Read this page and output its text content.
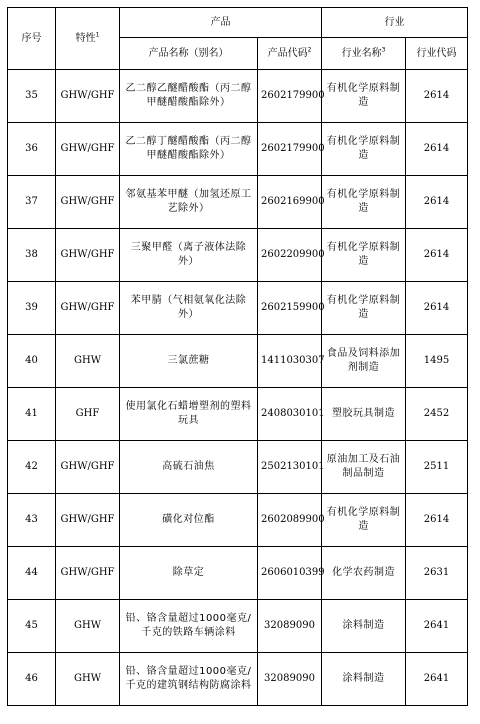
序号	特性$^1$	产品		行业	
		产品名称（别名）	产品代码$^2$	行业名称$^3$	行业代码
35	GHW/GHF	乙二醇乙醚醋酸酯（丙二醇甲醚醋酸酯除外）	2602179900	有机化学原料制造	2614
36	GHW/GHF	乙二醇丁醚醋酸酯（丙二醇甲醚醋酸酯除外）	2602179900	有机化学原料制造	2614
37	GHW/GHF	邻氨基苯甲醚（加氢还原工艺除外）	2602169900	有机化学原料制造	2614
38	GHW/GHF	三聚甲醛（离子液体法除外）	2602209900	有机化学原料制造	2614
39	GHW/GHF	苯甲腈（气相氨氧化法除外）	2602159900	有机化学原料制造	2614
40	GHW	三氯蔗糖	1411030307	食品及饲料添加剂制造	1495
41	GHF	使用氯化石蜡增塑剂的塑料玩具	2408030101	塑胶玩具制造	2452
42	GHW/GHF	高硫石油焦	2502130101	原油加工及石油制品制造	2511
43	GHW/GHF	磺化对位酯	2602089900	有机化学原料制造	2614
44	GHW/GHF	除草定	2606010399	化学农药制造	2631
45	GHW	铅、铬含量超过1000毫克/千克的铁路车辆涂料	32089090	涂料制造	2641
46	GHW	铅、铬含量超过1000毫克/千克的建筑钢结构防腐涂料	32089090	涂料制造	2641
